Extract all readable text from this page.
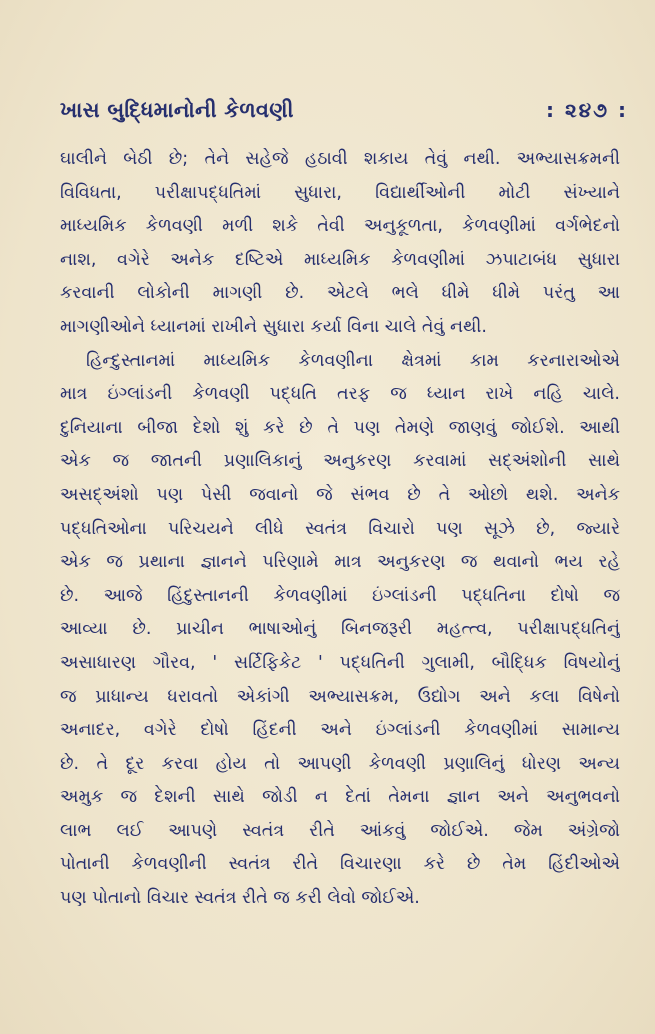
ખાસ બુદ્ધિમાનોની કેળવણી	: ૨૪૭ :
ઘાલીને બેઠી છે; તેને સહેજે હઠાવી શકાય તેવું નથી. અભ્યાસક્રમની
વિવિધતા, પરીક્ષાપદ્ધતિમાં સુધારા, વિદ્યાર્થીઓની મોટી સંખ્યાને
માધ્યમિક કેળવણી મળી શકે તેવી અનુકૂળતા, કેળવણીમાં વર્ગભેદનો
નાશ, વગેરે અનેક દષ્ટિએ માધ્યમિક કેળવણીમાં ઝપાટાબંધ સુધારા
કરવાની લોકોની માગણી છે. એટલે ભલે ધીમે ધીમે પરંતુ આ
માગણીઓને ધ્યાનમાં રાખીને સુધારા કર્યા વિના ચાલે તેવું નથી.
હિન્દુસ્તાનમાં માધ્યમિક કેળવણીના ક્ષેત્રમાં કામ કરનારાઓએ
માત્ર ઇંગ્લાંડની કેળવણી પદ્ધતિ તરફ જ ધ્યાન રાખે નહિ ચાલે.
દુનિયાના બીજા દેશો શું કરે છે તે પણ તેમણે જાણવું જોઈશે. આથી
એક જ જાતની પ્રણાલિકાનું અનુકરણ કરવામાં સદ્અંશોની સાથે
અસદ્અંશો પણ પેસી જવાનો જે સંભવ છે તે ઓછો થશે. અનેક
પદ્ધતિઓના પરિચયને લીધે સ્વતંત્ર વિચારો પણ સૂઝે છે, જ્યારે
એક જ પ્રથાના જ્ઞાનને પરિણામે માત્ર અનુકરણ જ થવાનો ભય રહે
છે. આજે હિંદુસ્તાનની કેળવણીમાં ઇંગ્લાંડની પદ્ધતિના દોષો જ
આવ્યા છે. પ્રાચીન ભાષાઓનું બિનજરૂરી મહત્ત્વ, પરીક્ષાપદ્ધતિનું
અસાધારણ ગૌરવ, ' સર્ટિફિકેટ ' પદ્ધતિની ગુલામી, બૌદ્ધિક વિષયોનું
જ પ્રાધાન્ય ધરાવતો એકાંગી અભ્યાસક્રમ, ઉદ્યોગ અને કલા વિષેનો
અનાદર, વગેરે દોષો હિંદની અને ઇંગ્લાંડની કેળવણીમાં સામાન્ય
છે. તે દૂર કરવા હોય તો આપણી કેળવણી પ્રણાલિનું ધોરણ અન્ય
અમુક જ દેશની સાથે જોડી ન દેતાં તેમના જ્ઞાન અને અનુભવનો
લાભ લઈ આપણે સ્વતંત્ર રીતે આંકવું જોઈએ. જેમ અંગ્રેજો
પોતાની કેળવણીની સ્વતંત્ર રીતે વિચારણા કરે છે તેમ હિંદીઓએ
પણ પોતાનો વિચાર સ્વતંત્ર રીતે જ કરી લેવો જોઈએ.
